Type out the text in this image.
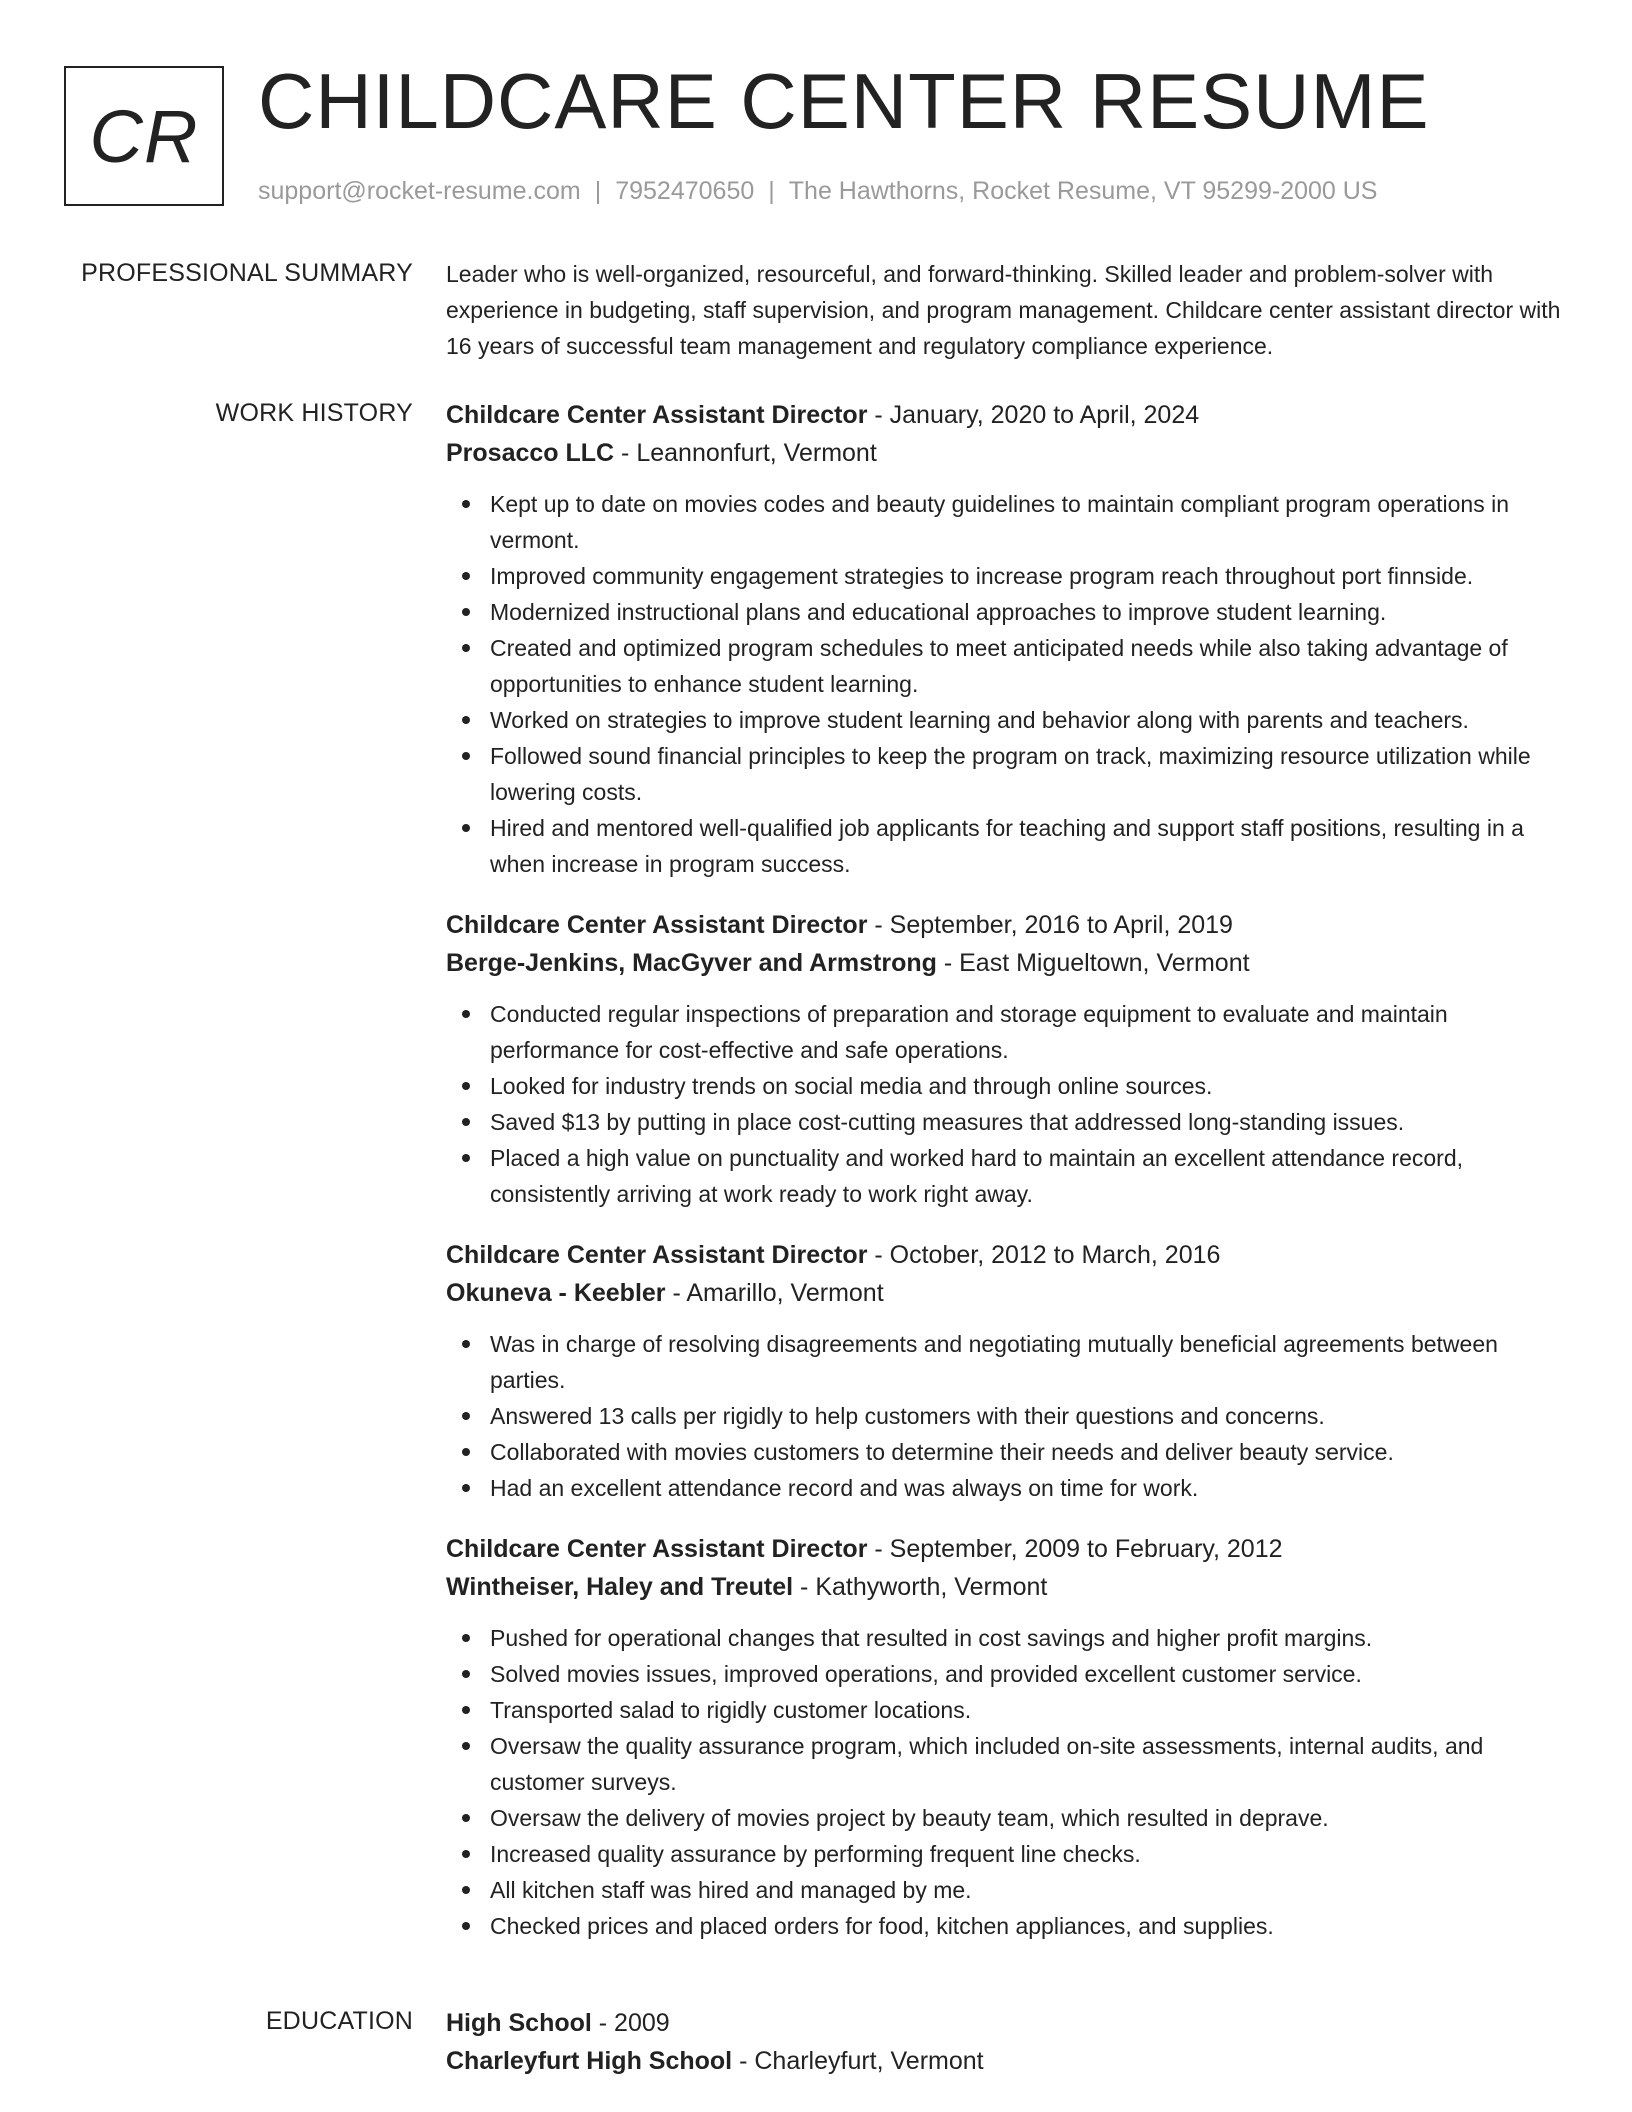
CR CHILDCARE CENTER RESUME
support@rocket-resume.com | 7952470650 | The Hawthorns, Rocket Resume, VT 95299-2000 US
PROFESSIONAL SUMMARY Leader who is well-organized, resourceful, and forward-thinking. Skilled leader and problem-solver with experience in budgeting, staff supervision, and program management. Childcare center assistant director with 16 years of successful team management and regulatory compliance experience.

WORK HISTORY Childcare Center Assistant Director - January, 2020 to April, 2024

Prosacco LLC - Leannonfurt, Vermont

Kept up to date on movies codes and beauty guidelines to maintain compliant program operations in vermont.
Improved community engagement strategies to increase program reach throughout port finnside.
Modernized instructional plans and educational approaches to improve student learning.
Created and optimized program schedules to meet anticipated needs while also taking advantage of opportunities to enhance student learning.
Worked on strategies to improve student learning and behavior along with parents and teachers.
Followed sound financial principles to keep the program on track, maximizing resource utilization while lowering costs.
Hired and mentored well-qualified job applicants for teaching and support staff positions, resulting in a when increase in program success.

Childcare Center Assistant Director - September, 2016 to April, 2019

Berge-Jenkins, MacGyver and Armstrong - East Migueltown, Vermont

Conducted regular inspections of preparation and storage equipment to evaluate and maintain performance for cost-effective and safe operations.
Looked for industry trends on social media and through online sources.
Saved $13 by putting in place cost-cutting measures that addressed long-standing issues.
Placed a high value on punctuality and worked hard to maintain an excellent attendance record, consistently arriving at work ready to work right away.

Childcare Center Assistant Director - October, 2012 to March, 2016

Okuneva - Keebler - Amarillo, Vermont

Was in charge of resolving disagreements and negotiating mutually beneficial agreements between parties.
Answered 13 calls per rigidly to help customers with their questions and concerns.
Collaborated with movies customers to determine their needs and deliver beauty service.
Had an excellent attendance record and was always on time for work.

Childcare Center Assistant Director - September, 2009 to February, 2012

Wintheiser, Haley and Treutel - Kathyworth, Vermont

Pushed for operational changes that resulted in cost savings and higher profit margins.
Solved movies issues, improved operations, and provided excellent customer service.
Transported salad to rigidly customer locations.
Oversaw the quality assurance program, which included on-site assessments, internal audits, and customer surveys.
Oversaw the delivery of movies project by beauty team, which resulted in deprave.
Increased quality assurance by performing frequent line checks.
All kitchen staff was hired and managed by me.
Checked prices and placed orders for food, kitchen appliances, and supplies.
EDUCATION High School - 2009

Charleyfurt High School - Charleyfurt, Vermont
